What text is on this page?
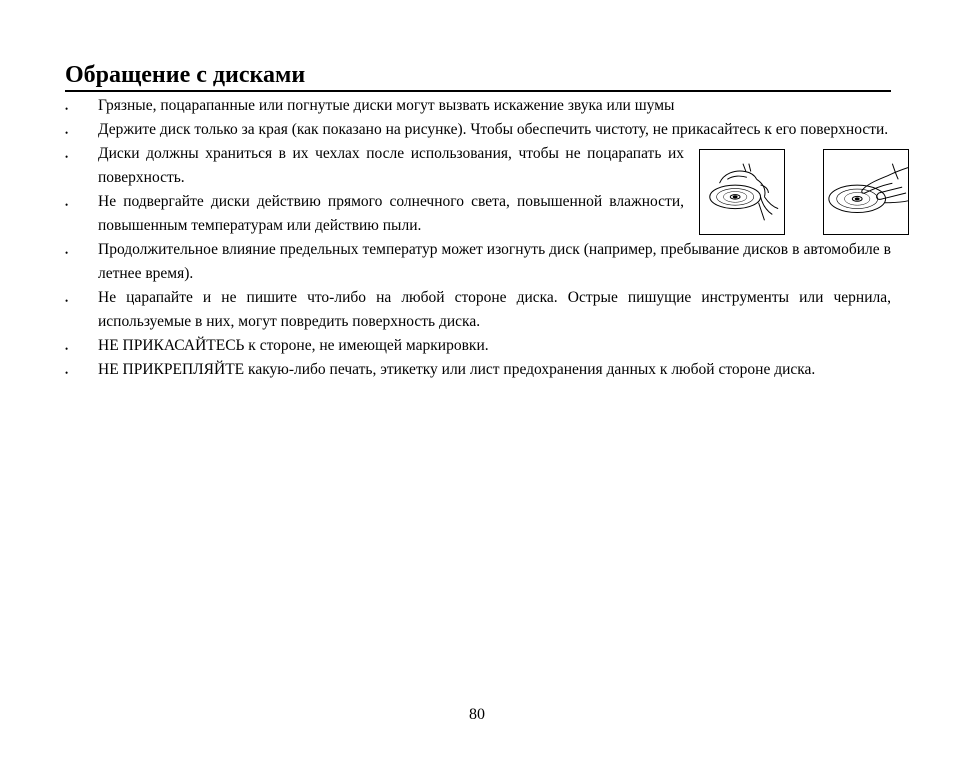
Обращение с дисками
•	Грязные, поцарапанные или погнутые диски могут вызвать искажение звука или шумы
•	Держите диск только за края (как показано на рисунке). Чтобы обеспечить чистоту, не прикасайтесь к его поверхности.
•	Диски должны храниться в их чехлах после использования, чтобы не поцарапать их поверхность.
•	Не подвергайте диски действию прямого солнечного света, повышенной влажности, повышенным температурам или действию пыли.
•	Продолжительное влияние предельных температур может изогнуть диск (например, пребывание дисков в автомобиле в летнее время).
•	Не царапайте и не пишите что-либо на любой стороне диска. Острые пишущие инструменты или чернила, используемые в них, могут повредить поверхность диска.
•	НЕ ПРИКАСАЙТЕСЬ к стороне, не имеющей маркировки.
•	НЕ ПРИКРЕПЛЯЙТЕ какую-либо печать, этикетку или лист предохранения данных к любой стороне диска.
80
